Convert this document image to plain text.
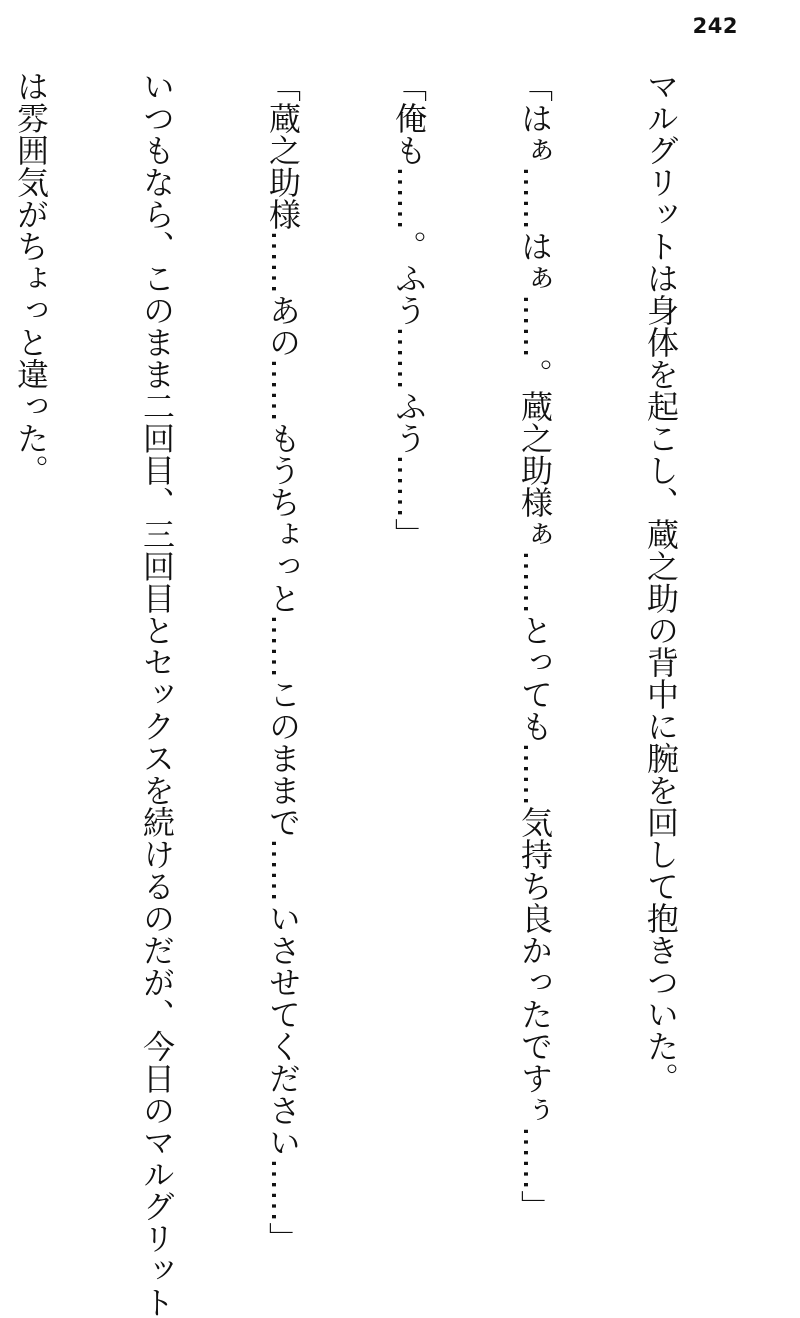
242

マルグリットは身体を起こし、蔵之助の背中に腕を回して抱きついた。

「はぁ……はぁ……。蔵之助様ぁ……とっても……気持ち良かったですぅ……」

「俺も……。ふう……ふう……」

「蔵之助様……あの……もうちょっと……このままで……いさせてください……」

いつもなら、このまま二回目、三回目とセックスを続けるのだが、今日のマルグリット

は雰囲気がちょっと違った。
